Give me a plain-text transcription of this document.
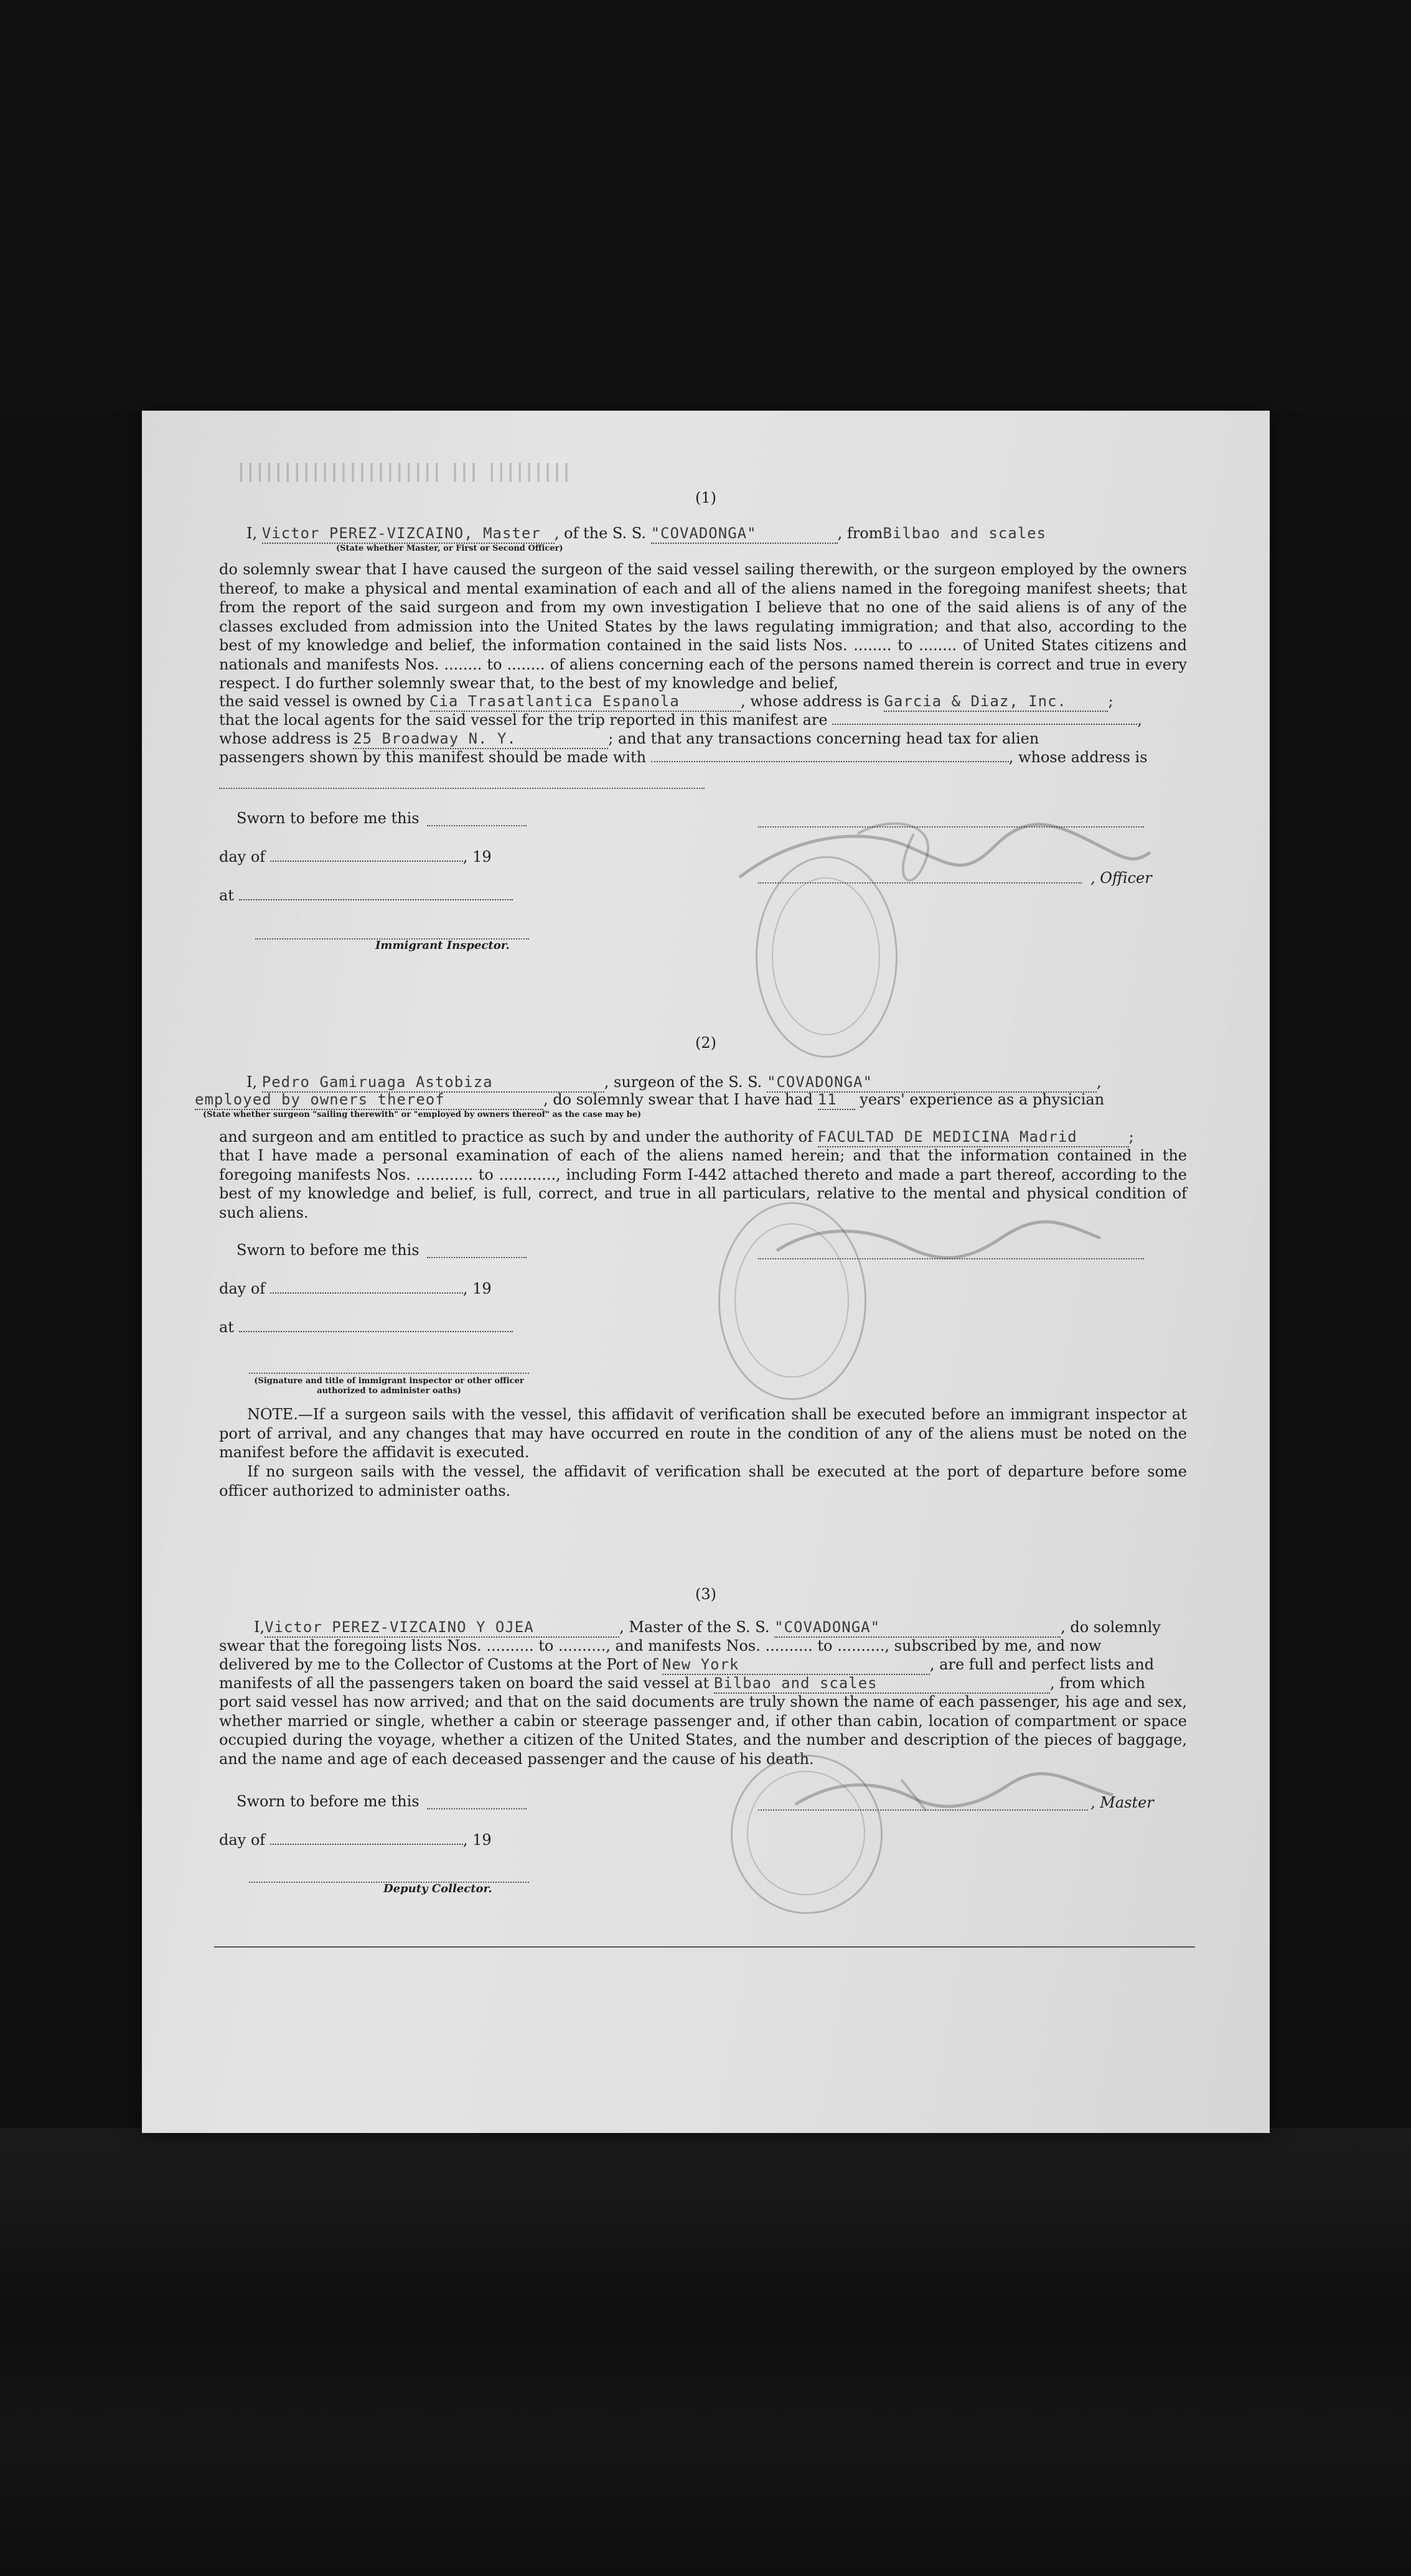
||||||||| ||| ||||||||||||||||||||||
(1)
I, Victor PEREZ-VIZCAINO, Master , of the S. S. "COVADONGA"	, fromBilbao and scales
(State whether Master, or First or Second Officer)
do solemnly swear that I have caused the surgeon of the said vessel sailing therewith, or the surgeon employed by the owners thereof, to make a physical and mental examination of each and all of the aliens named in the foregoing manifest sheets; that from the report of the said surgeon and from my own investigation I believe that no one of the said aliens is of any of the classes excluded from admission into the United States by the laws regulating immigration; and that also, according to the best of my knowledge and belief, the information contained in the said lists Nos. ........ to ........ of United States citizens and nationals and manifests Nos. ........ to ........ of aliens concerning each of the persons named therein is correct and true in every respect. I do further solemnly swear that, to the best of my knowledge and belief,
the said vessel is owned by Cia Trasatlantica Espanola	, whose address is Garcia & Diaz, Inc.	;
that the local agents for the said vessel for the trip reported in this manifest are	,
whose address is 25 Broadway N. Y.	; and that any transactions concerning head tax for alien
passengers shown by this manifest should be made with	, whose address is
Sworn to before me this
day of	, 19
, Officer
at
Immigrant Inspector.
(2)
I, Pedro Gamiruaga Astobiza	, surgeon of the S. S. "COVADONGA"	,
employed by owners thereof	, do solemnly swear that I have had 11 years' experience as a physician
(State whether surgeon "sailing therewith" or "employed by owners thereof" as the case may be)
and surgeon and am entitled to practice as such by and under the authority of FACULTAD DE MEDICINA Madrid	;
that I have made a personal examination of each of the aliens named herein; and that the information contained in the foregoing manifests Nos. ............ to ............, including Form I-442 attached thereto and made a part thereof, according to the best of my knowledge and belief, is full, correct, and true in all particulars, relative to the mental and physical condition of such aliens.
Sworn to before me this
day of	, 19
at
(Signature and title of immigrant inspector or other officer authorized to administer oaths)
NOTE.—If a surgeon sails with the vessel, this affidavit of verification shall be executed before an immigrant inspector at port of arrival, and any changes that may have occurred en route in the condition of any of the aliens must be noted on the manifest before the affidavit is executed.
If no surgeon sails with the vessel, the affidavit of verification shall be executed at the port of departure before some officer authorized to administer oaths.
(3)
I,Victor PEREZ-VIZCAINO Y OJEA	, Master of the S. S. "COVADONGA"	, do solemnly
swear that the foregoing lists Nos. .......... to .........., and manifests Nos. .......... to .........., subscribed by me, and now
delivered by me to the Collector of Customs at the Port of New York	, are full and perfect lists and
manifests of all the passengers taken on board the said vessel at Bilbao and scales	, from which
port said vessel has now arrived; and that on the said documents are truly shown the name of each passenger, his age and sex, whether married or single, whether a cabin or steerage passenger and, if other than cabin, location of compartment or space occupied during the voyage, whether a citizen of the United States, and the number and description of the pieces of baggage, and the name and age of each deceased passenger and the cause of his death.
Sworn to before me this	, Master
day of	, 19
Deputy Collector.
